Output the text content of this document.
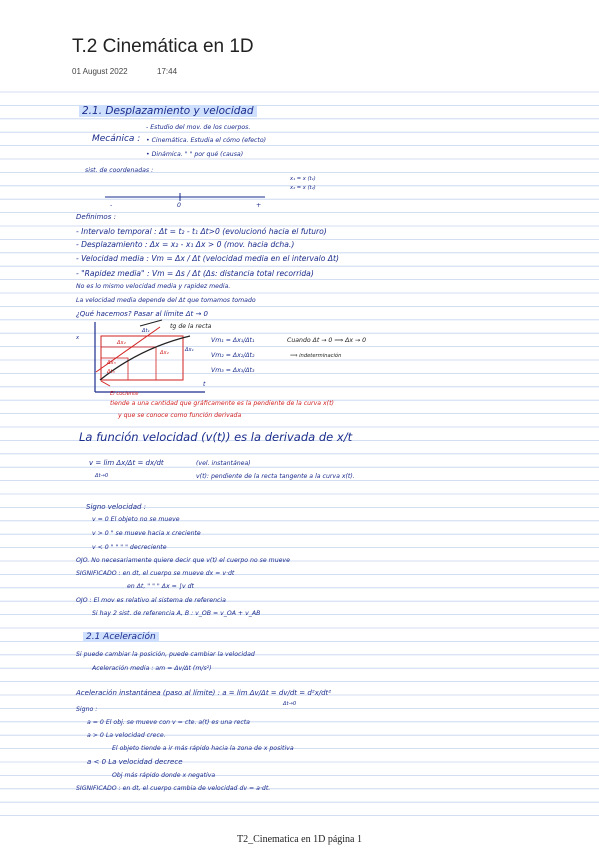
T.2 Cinemática en 1D
01 August 2022	17:44
2.1. Desplazamiento y velocidad
Mecánica :
- Estudio del mov. de los cuerpos.
• Cinemática. Estudia el cómo (efecto)
• Dinámica. " " por qué (causa)
sist. de coordenadas :
x₁ = x (t₁)
x₂ = x (t₂)
-	0	+
Definimos :
- Intervalo temporal : Δt = t₂ - t₁ Δt>0 (evolucionó hacia el futuro)
- Desplazamiento : Δx = x₂ - x₁ Δx > 0 (mov. hacia dcha.)
- Velocidad media : Vm = Δx / Δt (velocidad media en el intervalo Δt)
- "Rapidez media" : Vm = Δs / Δt (Δs: distancia total recorrida)
No es lo mismo velocidad media y rapidez media.
La velocidad media depende del Δt que tomamos tomado
¿Qué hacemos? Pasar al límite Δt → 0
x
t
Δt₁
Δx₁
Δx₂
Δx₂
Δx₃
Δt₃
tg de la recta
Vm₁ = Δx₁/Δt₁
Vm₂ = Δx₂/Δt₂
Vm₃ = Δx₃/Δt₃
Cuando Δt → 0 ⟹ Δx → 0
⟹ indeterminación
El cociente
tiende a una cantidad que gráficamente es la pendiente de la curva x(t)
y que se conoce como función derivada
La función velocidad (v(t)) es la derivada de x/t
v = lim Δx/Δt = dx/dt
Δt→0
(vel. instantánea)
v(t): pendiente de la recta tangente a la curva x(t).
Signo velocidad :
v = 0 El objeto no se mueve
v > 0 " se mueve hacia x creciente
v < 0 " " " " decreciente
OJO. No necesariamente quiere decir que v(t) el cuerpo no se mueve
SIGNIFICADO : en dt, el cuerpo se mueve dx = v·dt
en Δt, " " " Δx = ∫v dt
OJO : El mov es relativo al sistema de referencia
Si hay 2 sist. de referencia A, B : v_OB = v_OA + v_AB
2.1 Aceleración
Si puede cambiar la posición, puede cambiar la velocidad
Aceleración media : am = Δv/Δt (m/s²)
Aceleración instantánea (paso al límite) : a = lim Δv/Δt = dv/dt = d²x/dt²
Δt→0
Signo :
a = 0 El obj. se mueve con v = cte. a(t) es una recta
a > 0 La velocidad crece.
El objeto tiende a ir más rápido hacia la zona de x positiva
a < 0 La velocidad decrece
Obj más rápido donde x negativa
SIGNIFICADO : en dt, el cuerpo cambia de velocidad dv = a·dt.
T2_Cinematica en 1D página 1
